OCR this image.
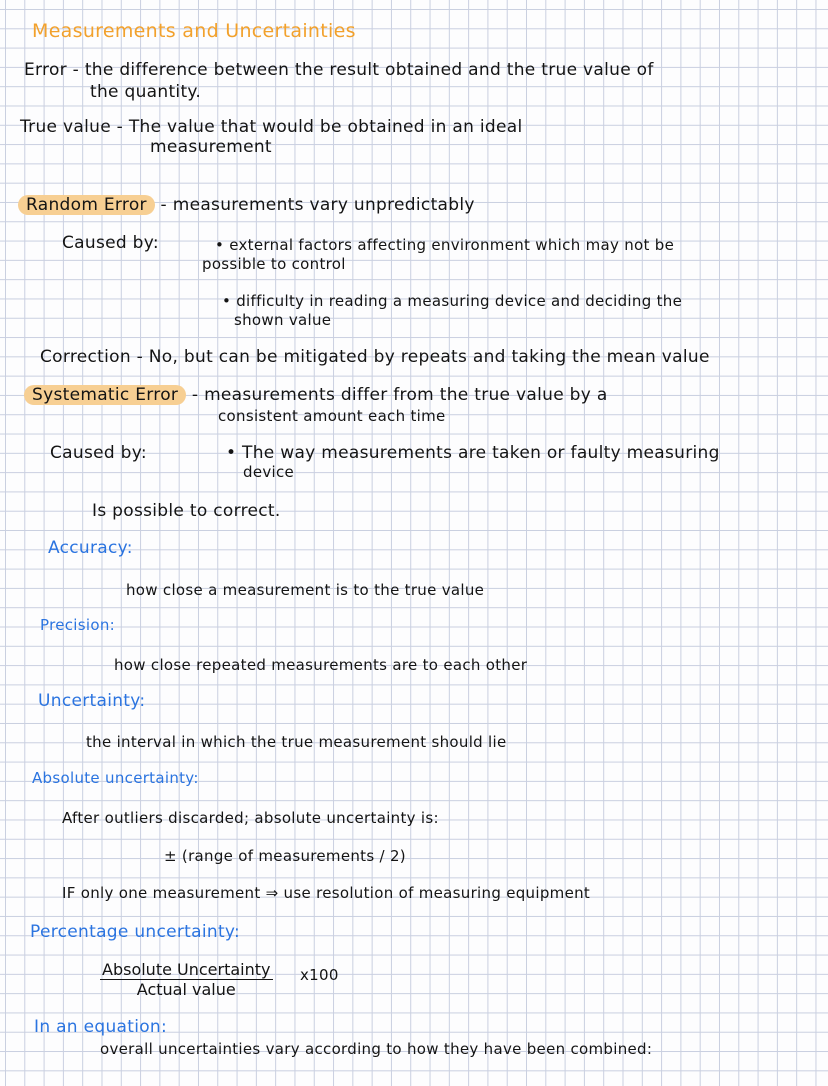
Measurements and Uncertainties
Error - the difference between the result obtained and the true value of
the quantity.
True value - The value that would be obtained in an ideal
measurement
Random Error - measurements vary unpredictably
Caused by:	• external factors affecting environment which may not be
possible to control
• difficulty in reading a measuring device and deciding the
shown value
Correction - No, but can be mitigated by repeats and taking the mean value
Systematic Error - measurements differ from the true value by a
consistent amount each time
Caused by:	• The way measurements are taken or faulty measuring
device
Is possible to correct.
Accuracy:
how close a measurement is to the true value
Precision:
how close repeated measurements are to each other
Uncertainty:
the interval in which the true measurement should lie
Absolute uncertainty:
After outliers discarded; absolute uncertainty is:
± (range of measurements / 2)
IF only one measurement ⇒ use resolution of measuring equipment
Percentage uncertainty:
Absolute Uncertainty
Actual value
x100
In an equation:
overall uncertainties vary according to how they have been combined:
